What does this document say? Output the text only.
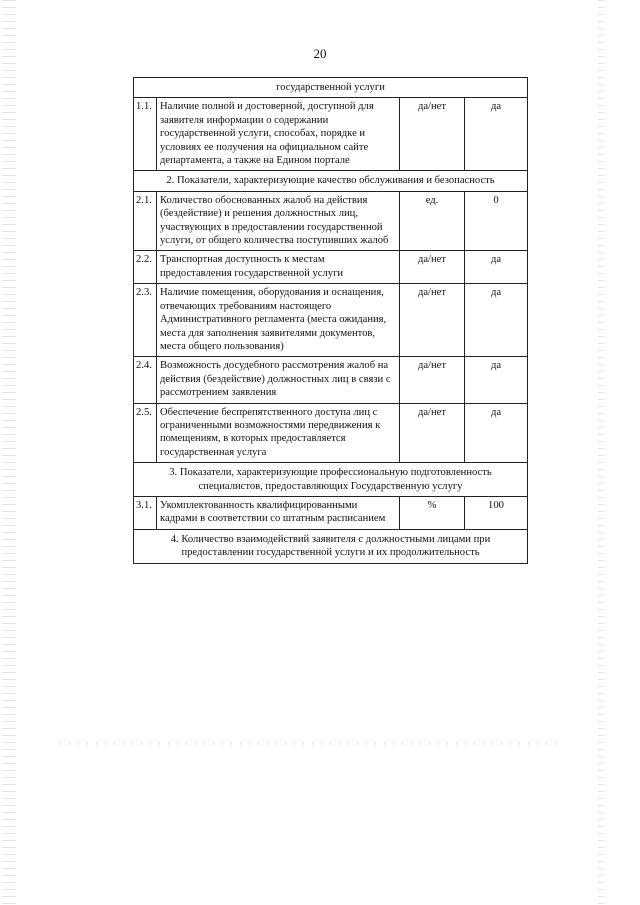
20
государственной услуги			
1.1.	Наличие полной и достоверной, доступной для заявителя информации о содержании государственной услуги, способах, порядке и условиях ее получения на официальном сайте департамента, а также на Едином портале	да/нет	да
2. Показатели, характеризующие качество обслуживания и безопасность			
2.1.	Количество обоснованных жалоб на действия (бездействие) и решения должностных лиц, участвующих в предоставлении государственной услуги, от общего количества поступивших жалоб	ед.	0
2.2.	Транспортная доступность к местам предоставления государственной услуги	да/нет	да
2.3.	Наличие помещения, оборудования и оснащения, отвечающих требованиям настоящего Административного регламента (места ожидания, места для заполнения заявителями документов, места общего пользования)	да/нет	да
2.4.	Возможность досудебного рассмотрения жалоб на действия (бездействие) должностных лиц в связи с рассмотрением заявления	да/нет	да
2.5.	Обеспечение беспрепятственного доступа лиц с ограниченными возможностями передвижения к помещениям, в которых предоставляется государственная услуга	да/нет	да
3. Показатели, характеризующие профессиональную подготовленность специалистов, предоставляющих Государственную услугу			
3.1.	Укомплектованность квалифицированными кадрами в соответствии со штатным расписанием	%	100
4. Количество взаимодействий заявителя с должностными лицами при предоставлении государственной услуги и их продолжительность			
